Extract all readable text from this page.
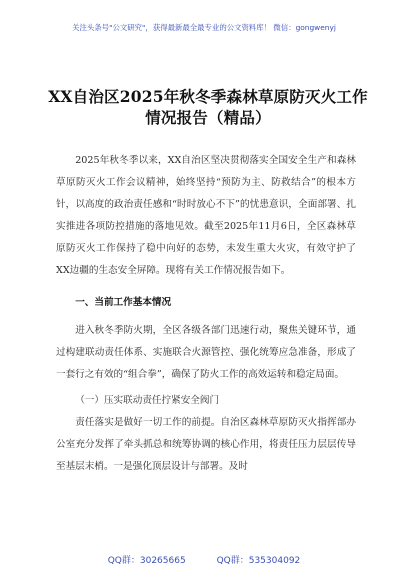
关注头条号"公文研究"，获得最新最全最专业的公文资料库！ 微信：gongwenyj
XX自治区2025年秋冬季森林草原防灭火工作情况报告（精品）

2025年秋冬季以来，XX自治区坚决贯彻落实全国安全生产和森林草原防灭火工作会议精神，始终坚持“预防为主、防救结合”的根本方针，以高度的政治责任感和“时时放心不下”的忧患意识，全面部署、扎实推进各项防控措施的落地见效。截至2025年11月6日，全区森林草原防灭火工作保持了稳中向好的态势，未发生重大火灾，有效守护了XX边疆的生态安全屏障。现将有关工作情况报告如下。

一、当前工作基本情况

进入秋冬季防火期，全区各级各部门迅速行动，聚焦关键环节，通过构建联动责任体系、实施联合火源管控、强化统筹应急准备，形成了一套行之有效的“组合拳”，确保了防火工作的高效运转和稳定局面。

（一）压实联动责任拧紧安全阀门

责任落实是做好一切工作的前提。自治区森林草原防灭火指挥部办公室充分发挥了牵头抓总和统筹协调的核心作用，将责任压力层层传导至基层末梢。一是强化顶层设计与部署。及时

QQ群：30265665	QQ群：535304092
